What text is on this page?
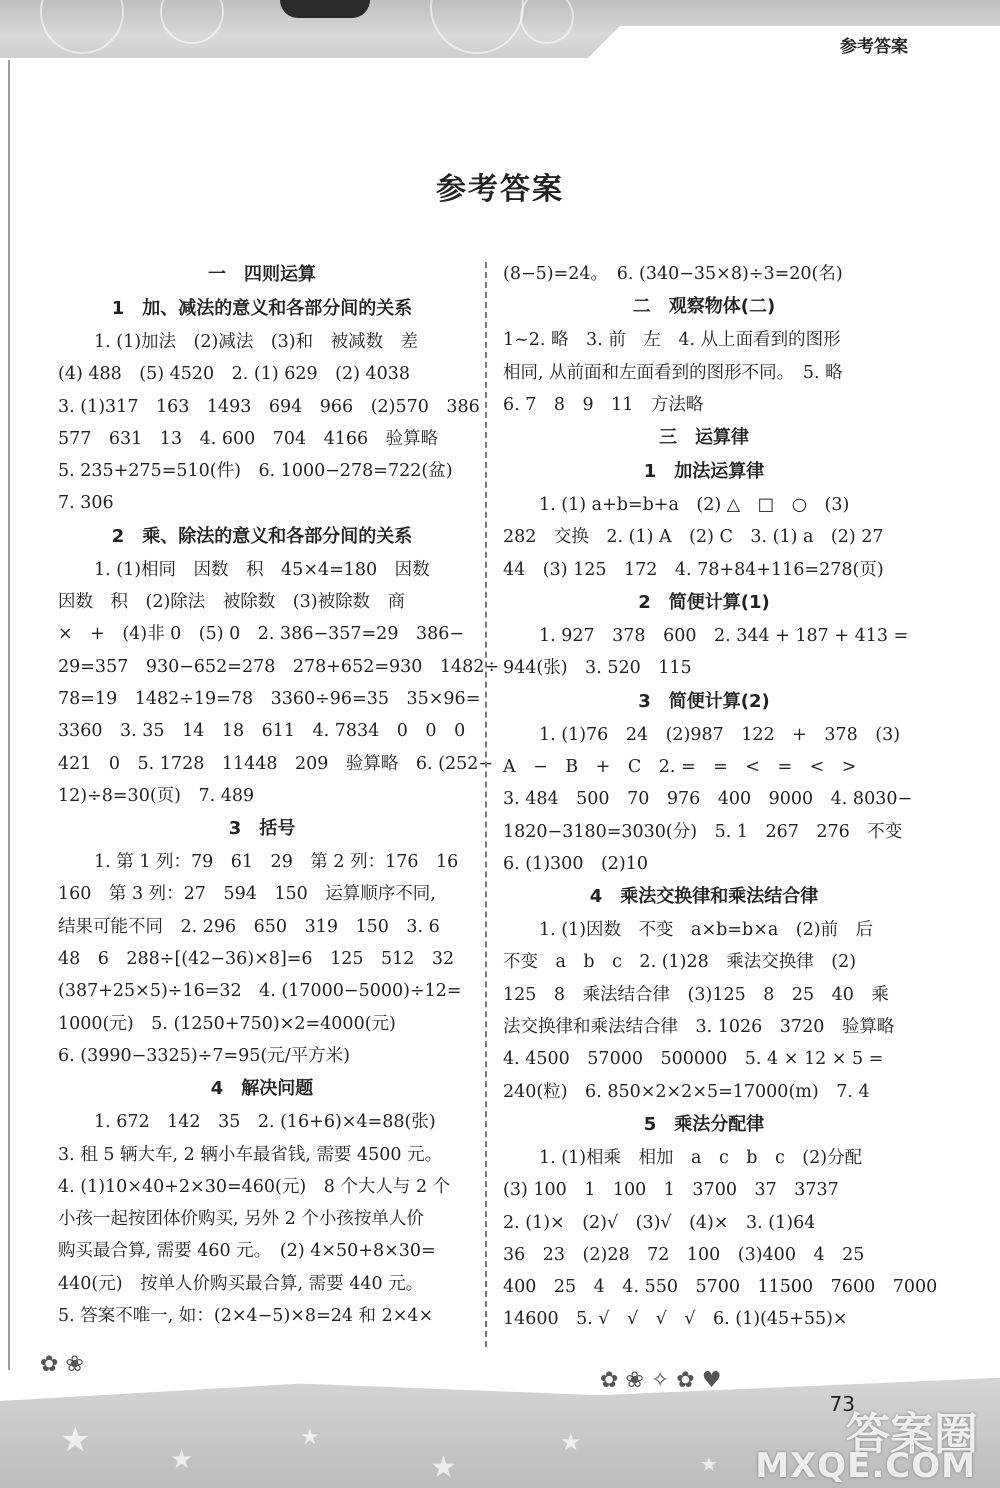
参考答案
参考答案

一　四则运算

1　加、减法的意义和各部分间的关系

1. (1)加法　(2)减法　(3)和　被减数　差

(4) 488　(5) 4520　2. (1) 629　(2) 4038

3. (1)317　163　1493　694　966　(2)570　386

577　631　13　4. 600　704　4166　验算略

5. 235+275=510(件)　6. 1000−278=722(盆)

7. 306

2　乘、除法的意义和各部分间的关系

1. (1)相同　因数　积　45×4=180　因数

因数　积　(2)除法　被除数　(3)被除数　商

×　+　(4)非 0　(5) 0　2. 386−357=29　386−

29=357　930−652=278　278+652=930　1482÷

78=19　1482÷19=78　3360÷96=35　35×96=

3360　3. 35　14　18　611　4. 7834　0　0　0

421　0　5. 1728　11448　209　验算略　6. (252−

12)÷8=30(页)　7. 489

3　括号

1. 第 1 列：79　61　29　第 2 列：176　16

160　第 3 列：27　594　150　运算顺序不同,

结果可能不同　2. 296　650　319　150　3. 6

48　6　288÷[(42−36)×8]=6　125　512　32

(387+25×5)÷16=32　4. (17000−5000)÷12=

1000(元)　5. (1250+750)×2=4000(元)

6. (3990−3325)÷7=95(元/平方米)

4　解决问题

1. 672　142　35　2. (16+6)×4=88(张)

3. 租 5 辆大车, 2 辆小车最省钱, 需要 4500 元。

4. (1)10×40+2×30=460(元)　8 个大人与 2 个

小孩一起按团体价购买, 另外 2 个小孩按单人价

购买最合算, 需要 460 元。　(2) 4×50+8×30=

440(元)　按单人价购买最合算, 需要 440 元。

5. 答案不唯一, 如：(2×4−5)×8=24 和 2×4×

(8−5)=24。　6. (340−35×8)÷3=20(名)

二　观察物体(二)

1~2. 略　3. 前　左　4. 从上面看到的图形

相同, 从前面和左面看到的图形不同。　5. 略

6. 7　8　9　11　方法略

三　运算律

1　加法运算律

1. (1) a+b=b+a　(2) △　□　○　(3)

282　交换　2. (1) A　(2) C　3. (1) a　(2) 27

44　(3) 125　172　4. 78+84+116=278(页)

2　简便计算(1)

1. 927　378　600　2. 344 + 187 + 413 =

944(张)　3. 520　115

3　简便计算(2)

1. (1)76　24　(2)987　122　+　378　(3)

A　−　B　+　C　2. =　=　<　=　<　>

3. 484　500　70　976　400　9000　4. 8030−

1820−3180=3030(分)　5. 1　267　276　不变

6. (1)300　(2)10

4　乘法交换律和乘法结合律

1. (1)因数　不变　a×b=b×a　(2)前　后

不变　a　b　c　2. (1)28　乘法交换律　(2)

125　8　乘法结合律　(3)125　8　25　40　乘

法交换律和乘法结合律　3. 1026　3720　验算略

4. 4500　57000　500000　5. 4 × 12 × 5 =

240(粒)　6. 850×2×2×5=17000(m)　7. 4

5　乘法分配律

1. (1)相乘　相加　a　c　b　c　(2)分配

(3) 100　1　100　1　3700　37　3737

2. (1)×　(2)√　(3)√　(4)×　3. (1)64

36　23　(2)28　72　100　(3)400　4　25

400　25　4　4. 550　5700　11500　7600　7000

14600　5. √　√　√　√　6. (1)(45+55)×

★	★
★
★
★
★
✿ ❀
✿ ❀ ✧ ✿ ♥
73
答案圈
MXQE.COM
